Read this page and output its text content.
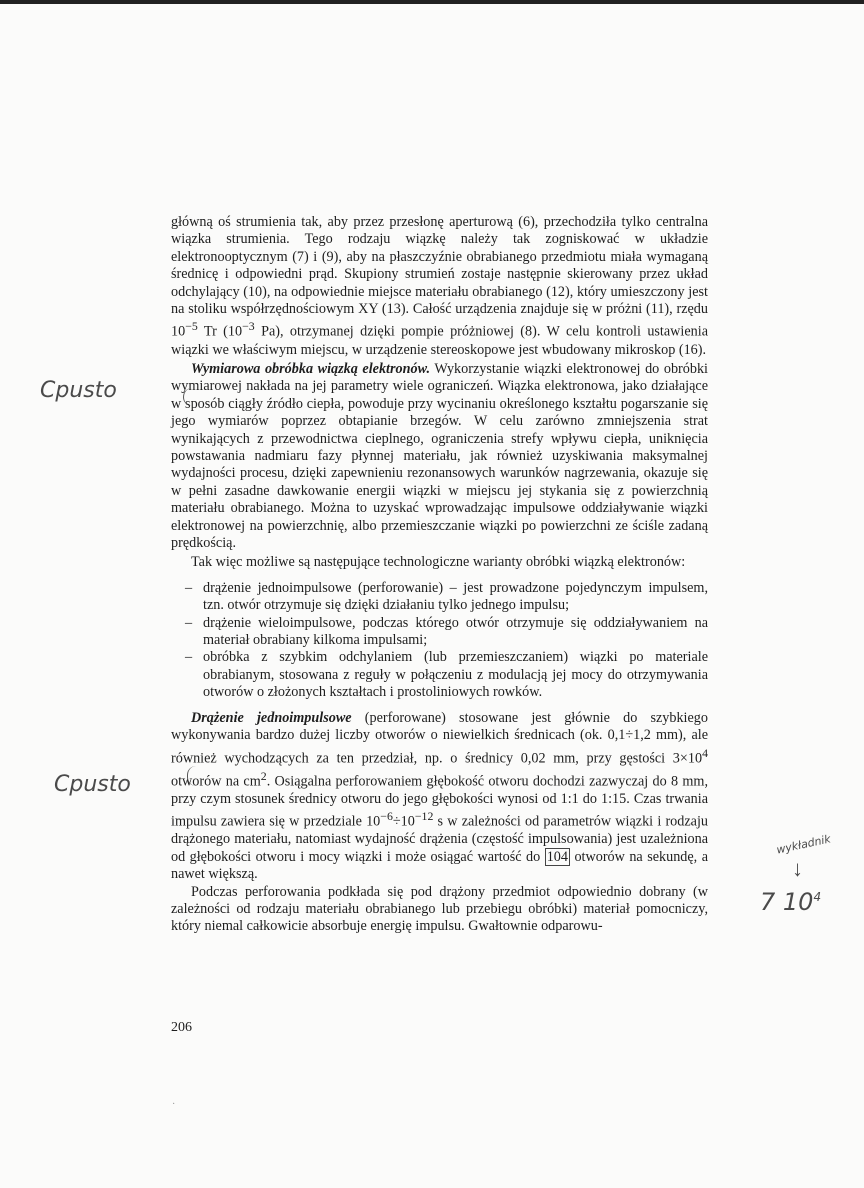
główną oś strumienia tak, aby przez przesłonę aperturową (6), przechodziła tylko centralna wiązka strumienia. Tego rodzaju wiązkę należy tak zogniskować w układzie elektronooptycznym (7) i (9), aby na płaszczyźnie obrabianego przedmiotu miała wymaganą średnicę i odpowiedni prąd. Skupiony strumień zostaje następnie skierowany przez układ odchylający (10), na odpowiednie miejsce materiału obrabianego (12), który umieszczony jest na stoliku współrzędnościowym XY (13). Całość urządzenia znajduje się w próżni (11), rzędu $10^{-5}$ Tr ($10^{-3}$ Pa), otrzymanej dzięki pompie próżniowej (8). W celu kontroli ustawienia wiązki we właściwym miejscu, w urządzenie stereoskopowe jest wbudowany mikroskop (16).

Wymiarowa obróbka wiązką elektronów. Wykorzystanie wiązki elektronowej do obróbki wymiarowej nakłada na jej parametry wiele ograniczeń. Wiązka elektronowa, jako działające w sposób ciągły źródło ciepła, powoduje przy wycinaniu określonego kształtu pogarszanie się jego wymiarów poprzez obtapianie brzegów. W celu zarówno zmniejszenia strat wynikających z przewodnictwa cieplnego, ograniczenia strefy wpływu ciepła, uniknięcia powstawania nadmiaru fazy płynnej materiału, jak również uzyskiwania maksymalnej wydajności procesu, dzięki zapewnieniu rezonansowych warunków nagrzewania, okazuje się w pełni zasadne dawkowanie energii wiązki w miejscu jej stykania się z powierzchnią materiału obrabianego. Można to uzyskać wprowadzając impulsowe oddziaływanie wiązki elektronowej na powierzchnię, albo przemieszczanie wiązki po powierzchni ze ściśle zadaną prędkością.

Tak więc możliwe są następujące technologiczne warianty obróbki wiązką elektronów:

– drążenie jednoimpulsowe (perforowanie) – jest prowadzone pojedynczym impulsem, tzn. otwór otrzymuje się dzięki działaniu tylko jednego impulsu;
– drążenie wieloimpulsowe, podczas którego otwór otrzymuje się oddziaływaniem na materiał obrabiany kilkoma impulsami;
– obróbka z szybkim odchylaniem (lub przemieszczaniem) wiązki po materiale obrabianym, stosowana z reguły w połączeniu z modulacją jej mocy do otrzymywania otworów o złożonych kształtach i prostoliniowych rowków.

Drążenie jednoimpulsowe (perforowane) stosowane jest głównie do szybkiego wykonywania bardzo dużej liczby otworów o niewielkich średnicach (ok. 0,1÷1,2 mm), ale również wychodzących za ten przedział, np. o średnicy 0,02 mm, przy gęstości $3\times 10^4$ otworów na $cm^2$. Osiągalna perforowaniem głębokość otworu dochodzi zazwyczaj do 8 mm, przy czym stosunek średnicy otworu do jego głębokości wynosi od 1:1 do 1:15. Czas trwania impulsu zawiera się w przedziale $10^{-6}\div 10^{-12}$ s w zależności od parametrów wiązki i rodzaju drążonego materiału, natomiast wydajność drążenia (częstość impulsowania) jest uzależniona od głębokości otworu i mocy wiązki i może osiągać wartość do 104 otworów na sekundę, a nawet większą.

Podczas perforowania podkłada się pod drążony przedmiot odpowiednio dobrany (w zależności od rodzaju materiału obrabianego lub przebiegu obróbki) materiał pomocniczy, który niemal całkowicie absorbuje energię impulsu. Gwałtownie odparowu-

206
Cpusto
Cpusto
wykładnik
↓
7 $10^4$
·
